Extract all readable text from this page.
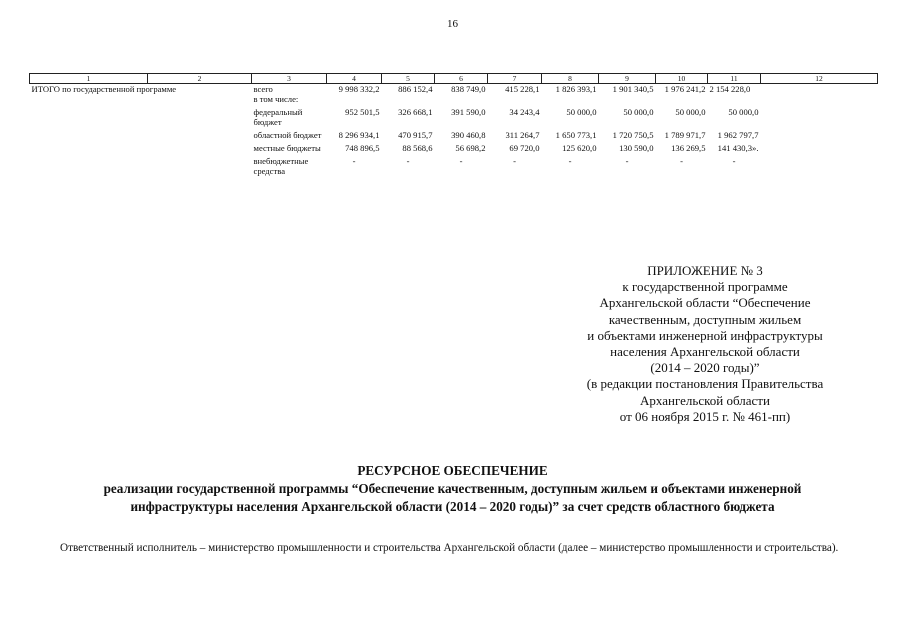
16
1	2	3	4	5	6	7	8	9	10	11	12
ИТОГО по государственной программе		всего	9 998 332,2	886 152,4	838 749,0	415 228,1	1 826 393,1	1 901 340,5	1 976 241,2	2 154 228,0	
		в том числе:									
		федеральный бюджет	952 501,5	326 668,1	391 590,0	34 243,4	50 000,0	50 000,0	50 000,0	50 000,0	
		областной бюджет	8 296 934,1	470 915,7	390 460,8	311 264,7	1 650 773,1	1 720 750,5	1 789 971,7	1 962 797,7	
		местные бюджеты	748 896,5	88 568,6	56 698,2	69 720,0	125 620,0	130 590,0	136 269,5	141 430,3».	
		внебюджетные средства	-	-	-	-	-	-	-	-	
ПРИЛОЖЕНИЕ № 3
к государственной программе
Архангельской области “Обеспечение
качественным, доступным жильем
и объектами инженерной инфраструктуры
населения Архангельской области
(2014 – 2020 годы)”
(в редакции постановления Правительства
Архангельской области
от 06 ноября 2015 г. № 461-пп)
РЕСУРСНОЕ ОБЕСПЕЧЕНИЕ
реализации государственной программы “Обеспечение качественным, доступным жильем и объектами инженерной
инфраструктуры населения Архангельской области (2014 – 2020 годы)” за счет средств областного бюджета
Ответственный исполнитель – министерство промышленности и строительства Архангельской области (далее – министерство промышленности и строительства).
